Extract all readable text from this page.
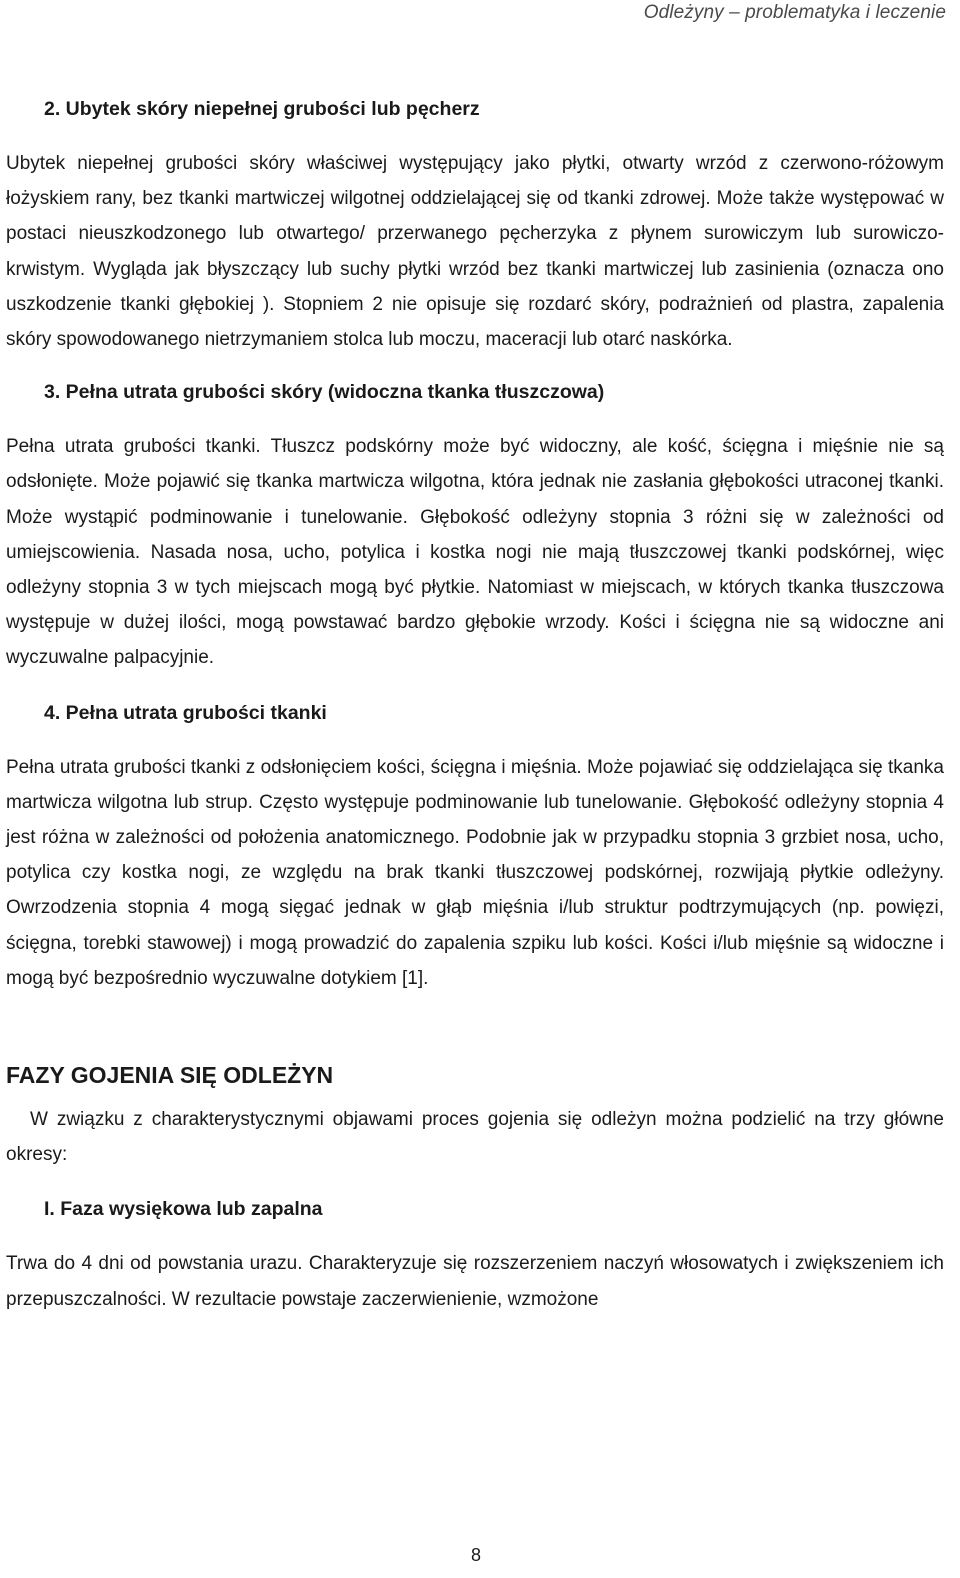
Odleżyny – problematyka i leczenie
2. Ubytek skóry niepełnej grubości lub pęcherz

Ubytek niepełnej grubości skóry właściwej występujący jako płytki, otwarty wrzód z czerwono-różowym łożyskiem rany, bez tkanki martwiczej wilgotnej oddzielającej się od tkanki zdrowej. Może także występować w postaci nieuszkodzonego lub otwartego/ przerwanego pęcherzyka z płynem surowiczym lub surowiczo-krwistym. Wygląda jak błyszczący lub suchy płytki wrzód bez tkanki martwiczej lub zasinienia (oznacza ono uszkodzenie tkanki głębokiej ). Stopniem 2 nie opisuje się rozdarć skóry, podrażnień od plastra, zapalenia skóry spowodowanego nietrzymaniem stolca lub moczu, maceracji lub otarć naskórka.

3. Pełna utrata grubości skóry (widoczna tkanka tłuszczowa)

Pełna utrata grubości tkanki. Tłuszcz podskórny może być widoczny, ale kość, ścięgna i mięśnie nie są odsłonięte. Może pojawić się tkanka martwicza wilgotna, która jednak nie zasłania głębokości utraconej tkanki. Może wystąpić podminowanie i tunelowanie. Głębokość odleżyny stopnia 3 różni się w zależności od umiejscowienia. Nasada nosa, ucho, potylica i kostka nogi nie mają tłuszczowej tkanki podskórnej, więc odleżyny stopnia 3 w tych miejscach mogą być płytkie. Natomiast w miejscach, w których tkanka tłuszczowa występuje w dużej ilości, mogą powstawać bardzo głębokie wrzody. Kości i ścięgna nie są widoczne ani wyczuwalne palpacyjnie.

4. Pełna utrata grubości tkanki

Pełna utrata grubości tkanki z odsłonięciem kości, ścięgna i mięśnia. Może pojawiać się oddzielająca się tkanka martwicza wilgotna lub strup. Często występuje podminowanie lub tunelowanie. Głębokość odleżyny stopnia 4 jest różna w zależności od położenia anatomicznego. Podobnie jak w przypadku stopnia 3 grzbiet nosa, ucho, potylica czy kostka nogi, ze względu na brak tkanki tłuszczowej podskórnej, rozwijają płytkie odleżyny. Owrzodzenia stopnia 4 mogą sięgać jednak w głąb mięśnia i/lub struktur podtrzymujących (np. powięzi, ścięgna, torebki stawowej) i mogą prowadzić do zapalenia szpiku lub kości. Kości i/lub mięśnie są widoczne i mogą być bezpośrednio wyczuwalne dotykiem [1].

FAZY GOJENIA SIĘ ODLEŻYN

W związku z charakterystycznymi objawami proces gojenia się odleżyn można podzielić na trzy główne okresy:

I. Faza wysiękowa lub zapalna

Trwa do 4 dni od powstania urazu. Charakteryzuje się rozszerzeniem naczyń włosowatych i zwiększeniem ich przepuszczalności. W rezultacie powstaje zaczerwienienie, wzmożone

8
